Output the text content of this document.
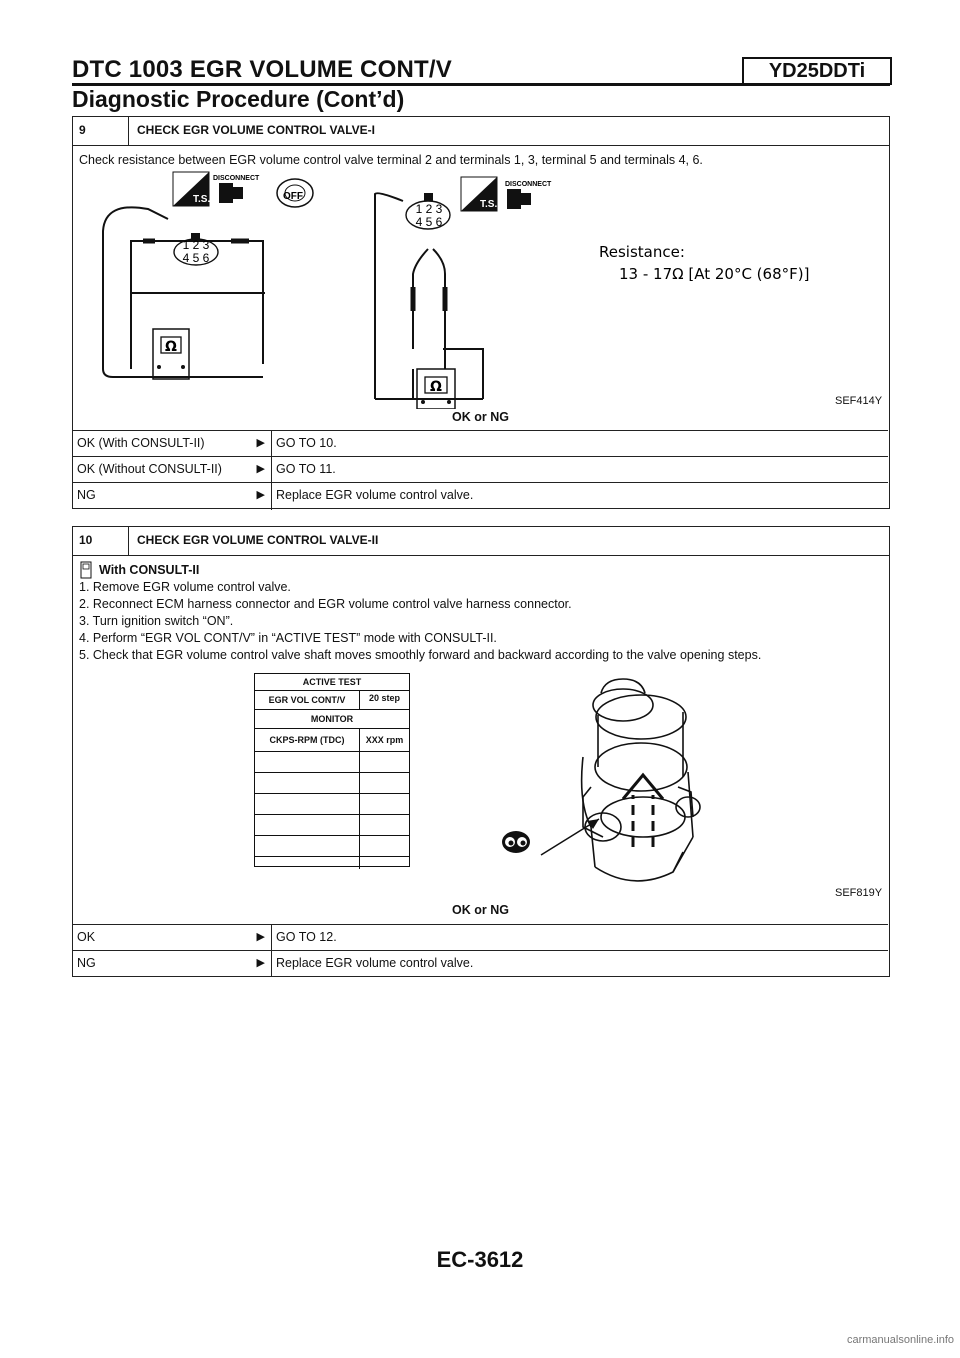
DTC 1003 EGR VOLUME CONT/V	YD25DDTi
Diagnostic Procedure (Cont’d)
9	CHECK EGR VOLUME CONTROL VALVE-I
Check resistance between EGR volume control valve terminal 2 and terminals 1, 3, terminal 5 and terminals 4, 6.
1 2 3
4 5 6
1 2 3
4 5 6
Ω
Ω
T.S.
DISCONNECT
OFF
T.S.
DISCONNECT
Resistance:
13 - 17Ω [At 20°C (68°F)]
SEF414Y
OK or NG
OK (With CONSULT-II)	▶ GO TO 10.
OK (Without CONSULT-II)	▶ GO TO 11.
NG	▶ Replace EGR volume control valve.
10	CHECK EGR VOLUME CONTROL VALVE-II
With CONSULT-II
1. Remove EGR volume control valve.
2. Reconnect ECM harness connector and EGR volume control valve harness connector.
3. Turn ignition switch “ON”.
4. Perform “EGR VOL CONT/V” in “ACTIVE TEST” mode with CONSULT-II.
5. Check that EGR volume control valve shaft moves smoothly forward and backward according to the valve opening steps.
ACTIVE TEST
EGR VOL CONT/V	20 step
MONITOR
CKPS-RPM (TDC)	XXX rpm
SEF819Y
OK or NG
OK	▶ GO TO 12.
NG	▶ Replace EGR volume control valve.
EC-3612
carmanualsonline.info
